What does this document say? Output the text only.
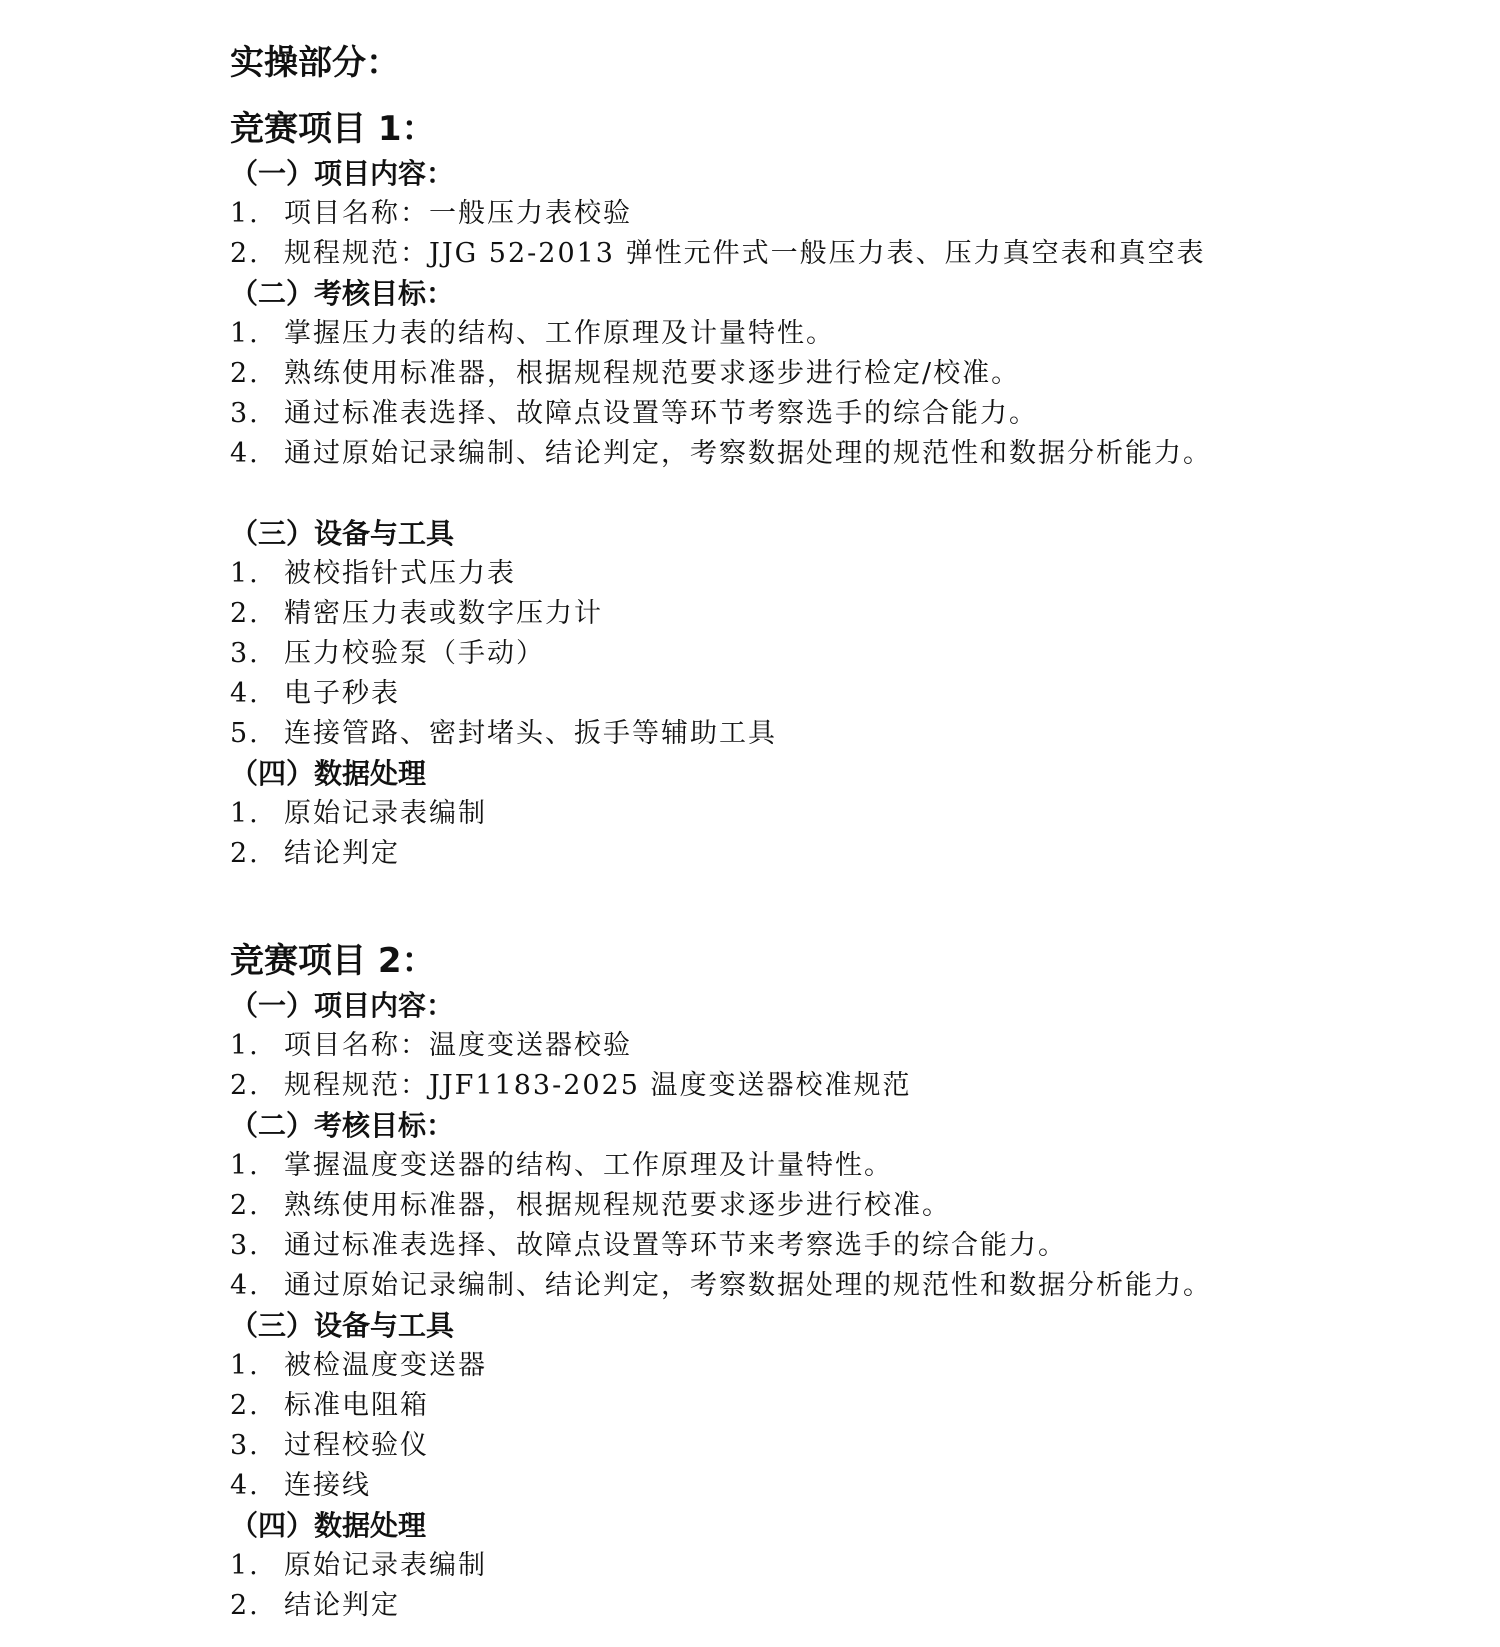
实操部分：
竞赛项目 1：
（一）项目内容：
1. 项目名称：一般压力表校验
2. 规程规范：JJG 52-2013 弹性元件式一般压力表、压力真空表和真空表
（二）考核目标：
1. 掌握压力表的结构、工作原理及计量特性。
2. 熟练使用标准器，根据规程规范要求逐步进行检定/校准。
3. 通过标准表选择、故障点设置等环节考察选手的综合能力。
4. 通过原始记录编制、结论判定，考察数据处理的规范性和数据分析能力。
（三）设备与工具
1. 被校指针式压力表
2. 精密压力表或数字压力计
3. 压力校验泵（手动）
4. 电子秒表
5. 连接管路、密封堵头、扳手等辅助工具
（四）数据处理
1. 原始记录表编制
2. 结论判定
竞赛项目 2：
（一）项目内容：
1. 项目名称：温度变送器校验
2. 规程规范：JJF1183-2025 温度变送器校准规范
（二）考核目标：
1. 掌握温度变送器的结构、工作原理及计量特性。
2. 熟练使用标准器，根据规程规范要求逐步进行校准。
3. 通过标准表选择、故障点设置等环节来考察选手的综合能力。
4. 通过原始记录编制、结论判定，考察数据处理的规范性和数据分析能力。
（三）设备与工具
1. 被检温度变送器
2. 标准电阻箱
3. 过程校验仪
4. 连接线
（四）数据处理
1. 原始记录表编制
2. 结论判定
